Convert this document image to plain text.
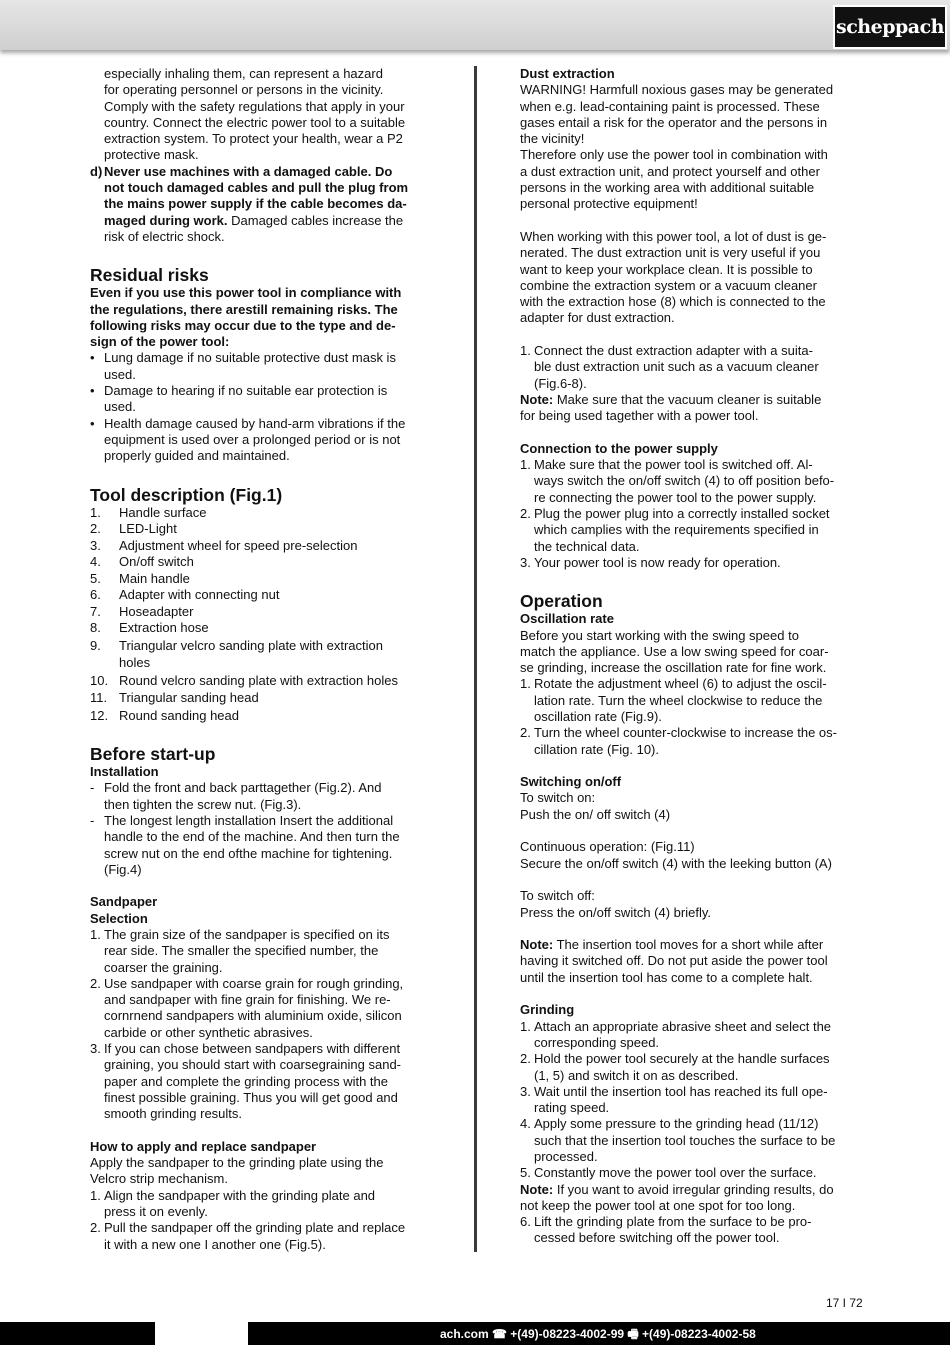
scheppach

especially inhaling them, can represent a hazard

for operating personnel or persons in the vicinity.

Comply with the safety regulations that apply in your

country. Connect the electric power tool to a suitable

extraction system. To protect your health, wear a P2

protective mask.

d) Never use machines with a damaged cable. Do

not touch damaged cables and pull the plug from

the mains power supply if the cable becomes da-

maged during work. Damaged cables increase the

risk of electric shock.

Residual risks

Even if you use this power tool in compliance with

the regulations, there arestill remaining risks. The

following risks may occur due to the type and de-

sign of the power tool:

• Lung damage if no suitable protective dust mask is

used.

• Damage to hearing if no suitable ear protection is

used.

• Health damage caused by hand-arm vibrations if the

equipment is used over a prolonged period or is not

properly guided and maintained.

Tool description (Fig.1)
1.	Handle surface
2.	LED-Light
3.	Adjustment wheel for speed pre-selection
4.	On/off switch
5.	Main handle
6.	Adapter with connecting nut
7.	Hoseadapter
8.	Extraction hose
9.	Triangular velcro sanding plate with extraction
holes
10. Round velcro sanding plate with extraction holes
11. Triangular sanding head
12. Round sanding head
Before start-up

Installation

- Fold the front and back parttagether (Fig.2). And

then tighten the screw nut. (Fig.3).

- The longest length installation Insert the additional

handle to the end of the machine. And then turn the

screw nut on the end ofthe machine for tightening.

(Fig.4)

Sandpaper

Selection

1. The grain size of the sandpaper is specified on its

rear side. The smaller the specified number, the

coarser the graining.

2. Use sandpaper with coarse grain for rough grinding,

and sandpaper with fine grain for finishing. We re-

cornrnend sandpapers with aluminium oxide, silicon

carbide or other synthetic abrasives.

3. If you can chose between sandpapers with different

graining, you should start with coarsegraining sand-

paper and complete the grinding process with the

finest possible graining. Thus you will get good and

smooth grinding results.

How to apply and replace sandpaper

Apply the sandpaper to the grinding plate using the

Velcro strip mechanism.

1. Align the sandpaper with the grinding plate and

press it on evenly.

2. Pull the sandpaper off the grinding plate and replace

it with a new one I another one (Fig.5).

Dust extraction

WARNING! Harmfull noxious gases may be generated

when e.g. lead-containing paint is processed. These

gases entail a risk for the operator and the persons in

the vicinity!

Therefore only use the power tool in combination with

a dust extraction unit, and protect yourself and other

persons in the working area with additional suitable

personal protective equipment!

When working with this power tool, a lot of dust is ge-

nerated. The dust extraction unit is very useful if you

want to keep your workplace clean. It is possible to

combine the extraction system or a vacuum cleaner

with the extraction hose (8) which is connected to the

adapter for dust extraction.

1. Connect the dust extraction adapter with a suita-

ble dust extraction unit such as a vacuum cleaner

(Fig.6-8).

Note: Make sure that the vacuum cleaner is suitable

for being used tagether with a power tool.

Connection to the power supply

1. Make sure that the power tool is switched off. Al-

ways switch the on/off switch (4) to off position befo-

re connecting the power tool to the power supply.

2. Plug the power plug into a correctly installed socket

which camplies with the requirements specified in

the technical data.

3. Your power tool is now ready for operation.

Operation

Oscillation rate

Before you start working with the swing speed to

match the appliance. Use a low swing speed for coar-

se grinding, increase the oscillation rate for fine work.

1. Rotate the adjustment wheel (6) to adjust the oscil-

lation rate. Turn the wheel clockwise to reduce the

oscillation rate (Fig.9).

2. Turn the wheel counter-clockwise to increase the os-

cillation rate (Fig. 10).

Switching on/off

To switch on:

Push the on/ off switch (4)

Continuous operation: (Fig.11)

Secure the on/off switch (4) with the leeking button (A)

To switch off:

Press the on/off switch (4) briefly.

Note: The insertion tool moves for a short while after

having it switched off. Do not put aside the power tool

until the insertion tool has come to a complete halt.

Grinding

1. Attach an appropriate abrasive sheet and select the

corresponding speed.

2. Hold the power tool securely at the handle surfaces

(1, 5) and switch it on as described.

3. Wait until the insertion tool has reached its full ope-

rating speed.

4. Apply some pressure to the grinding head (11/12)

such that the insertion tool touches the surface to be

processed.

5. Constantly move the power tool over the surface.

Note: If you want to avoid irregular grinding results, do

not keep the power tool at one spot for too long.

6. Lift the grinding plate from the surface to be pro-

cessed before switching off the power tool.

17 I 72
ach.com ☎ +(49)-08223-4002-99 🖷 +(49)-08223-4002-58
